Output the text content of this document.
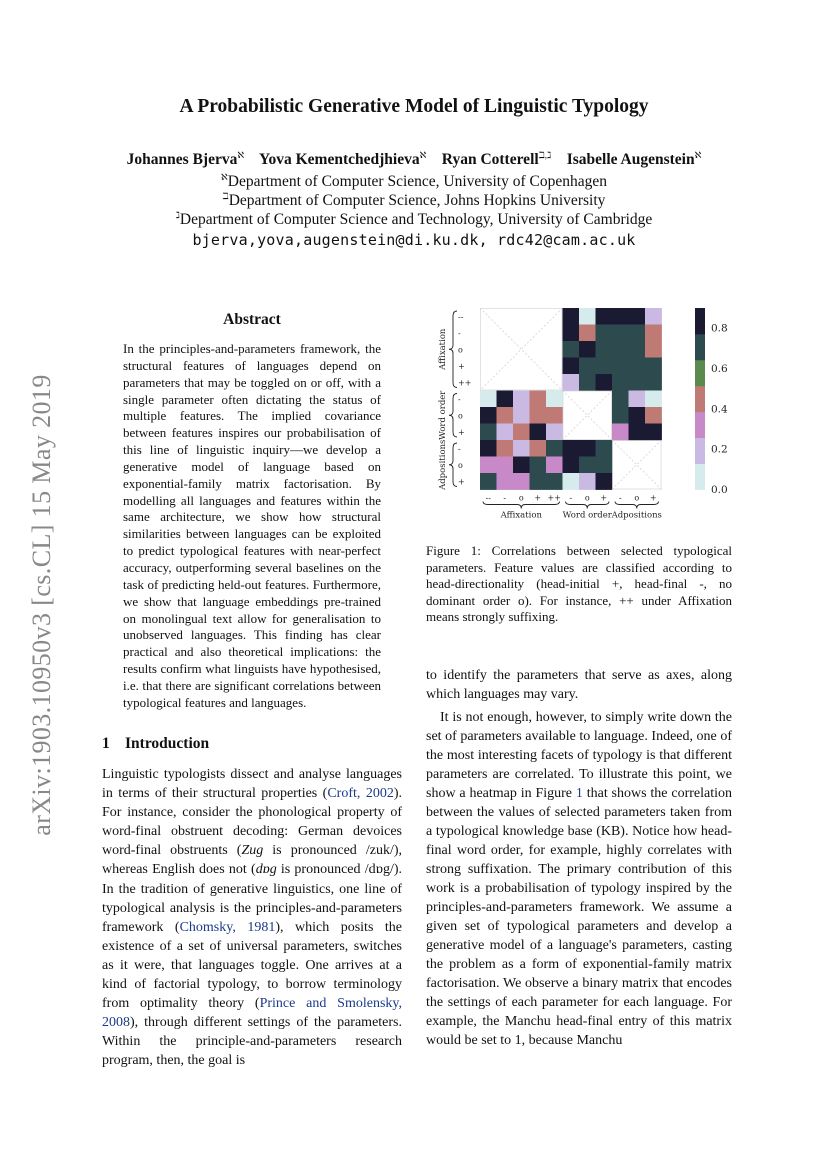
A Probabilistic Generative Model of Linguistic Typology
Johannes Bjerva$^ℵ$ Yova Kementchedjhieva$^ℵ$ Ryan Cotterell$^{ℶ,ℷ}$ Isabelle Augenstein$^ℵ$
$^ℵ$Department of Computer Science, University of Copenhagen
$^ℶ$Department of Computer Science, Johns Hopkins University
$^ℷ$Department of Computer Science and Technology, University of Cambridge
bjerva,yova,augenstein@di.ku.dk, rdc42@cam.ac.uk
arXiv:1903.10950v3 [cs.CL] 15 May 2019
Abstract
In the principles-and-parameters framework, the structural features of languages depend on parameters that may be toggled on or off, with a single parameter often dictating the status of multiple features. The implied covariance between features inspires our probabilisation of this line of linguistic inquiry—we develop a generative model of language based on exponential-family matrix factorisation. By modelling all languages and features within the same architecture, we show how structural similarities between languages can be exploited to predict typological features with near-perfect accuracy, outperforming several baselines on the task of predicting held-out features. Furthermore, we show that language embeddings pre-trained on monolingual text allow for generalisation to unobserved languages. This finding has clear practical and also theoretical implications: the results confirm what linguists have hypothesised, i.e. that there are significant correlations between typological features and languages.
1 Introduction
Linguistic typologists dissect and analyse languages in terms of their structural properties (Croft, 2002). For instance, consider the phonological property of word-final obstruent decoding: German devoices word-final obstruents (Zug is pronounced /zuk/), whereas English does not (dɒg is pronounced /dɒg/). In the tradition of generative linguistics, one line of typological analysis is the principles-and-parameters framework (Chomsky, 1981), which posits the existence of a set of universal parameters, switches as it were, that languages toggle. One arrives at a kind of factorial typology, to borrow terminology from optimality theory (Prince and Smolensky, 2008), through different settings of the parameters. Within the principle-and-parameters research program, then, the goal is
--
-
o
+
++
-
o
+
-
o
+
-- - o + ++ - o + - o +
Affixation
Affixation
Word order
Word order
Adpositions
Adpositions
0.0
0.2
0.4
0.6
0.8
Figure 1: Correlations between selected typological parameters. Feature values are classified according to head-directionality (head-initial +, head-final -, no dominant order o). For instance, ++ under Affixation means strongly suffixing.

to identify the parameters that serve as axes, along which languages may vary.

It is not enough, however, to simply write down the set of parameters available to language. Indeed, one of the most interesting facets of typology is that different parameters are correlated. To illustrate this point, we show a heatmap in Figure 1 that shows the correlation between the values of selected parameters taken from a typological knowledge base (KB). Notice how head-final word order, for example, highly correlates with strong suffixation. The primary contribution of this work is a probabilisation of typology inspired by the principles-and-parameters framework. We assume a given set of typological parameters and develop a generative model of a language's parameters, casting the problem as a form of exponential-family matrix factorisation. We observe a binary matrix that encodes the settings of each parameter for each language. For example, the Manchu head-final entry of this matrix would be set to 1, because Manchu
